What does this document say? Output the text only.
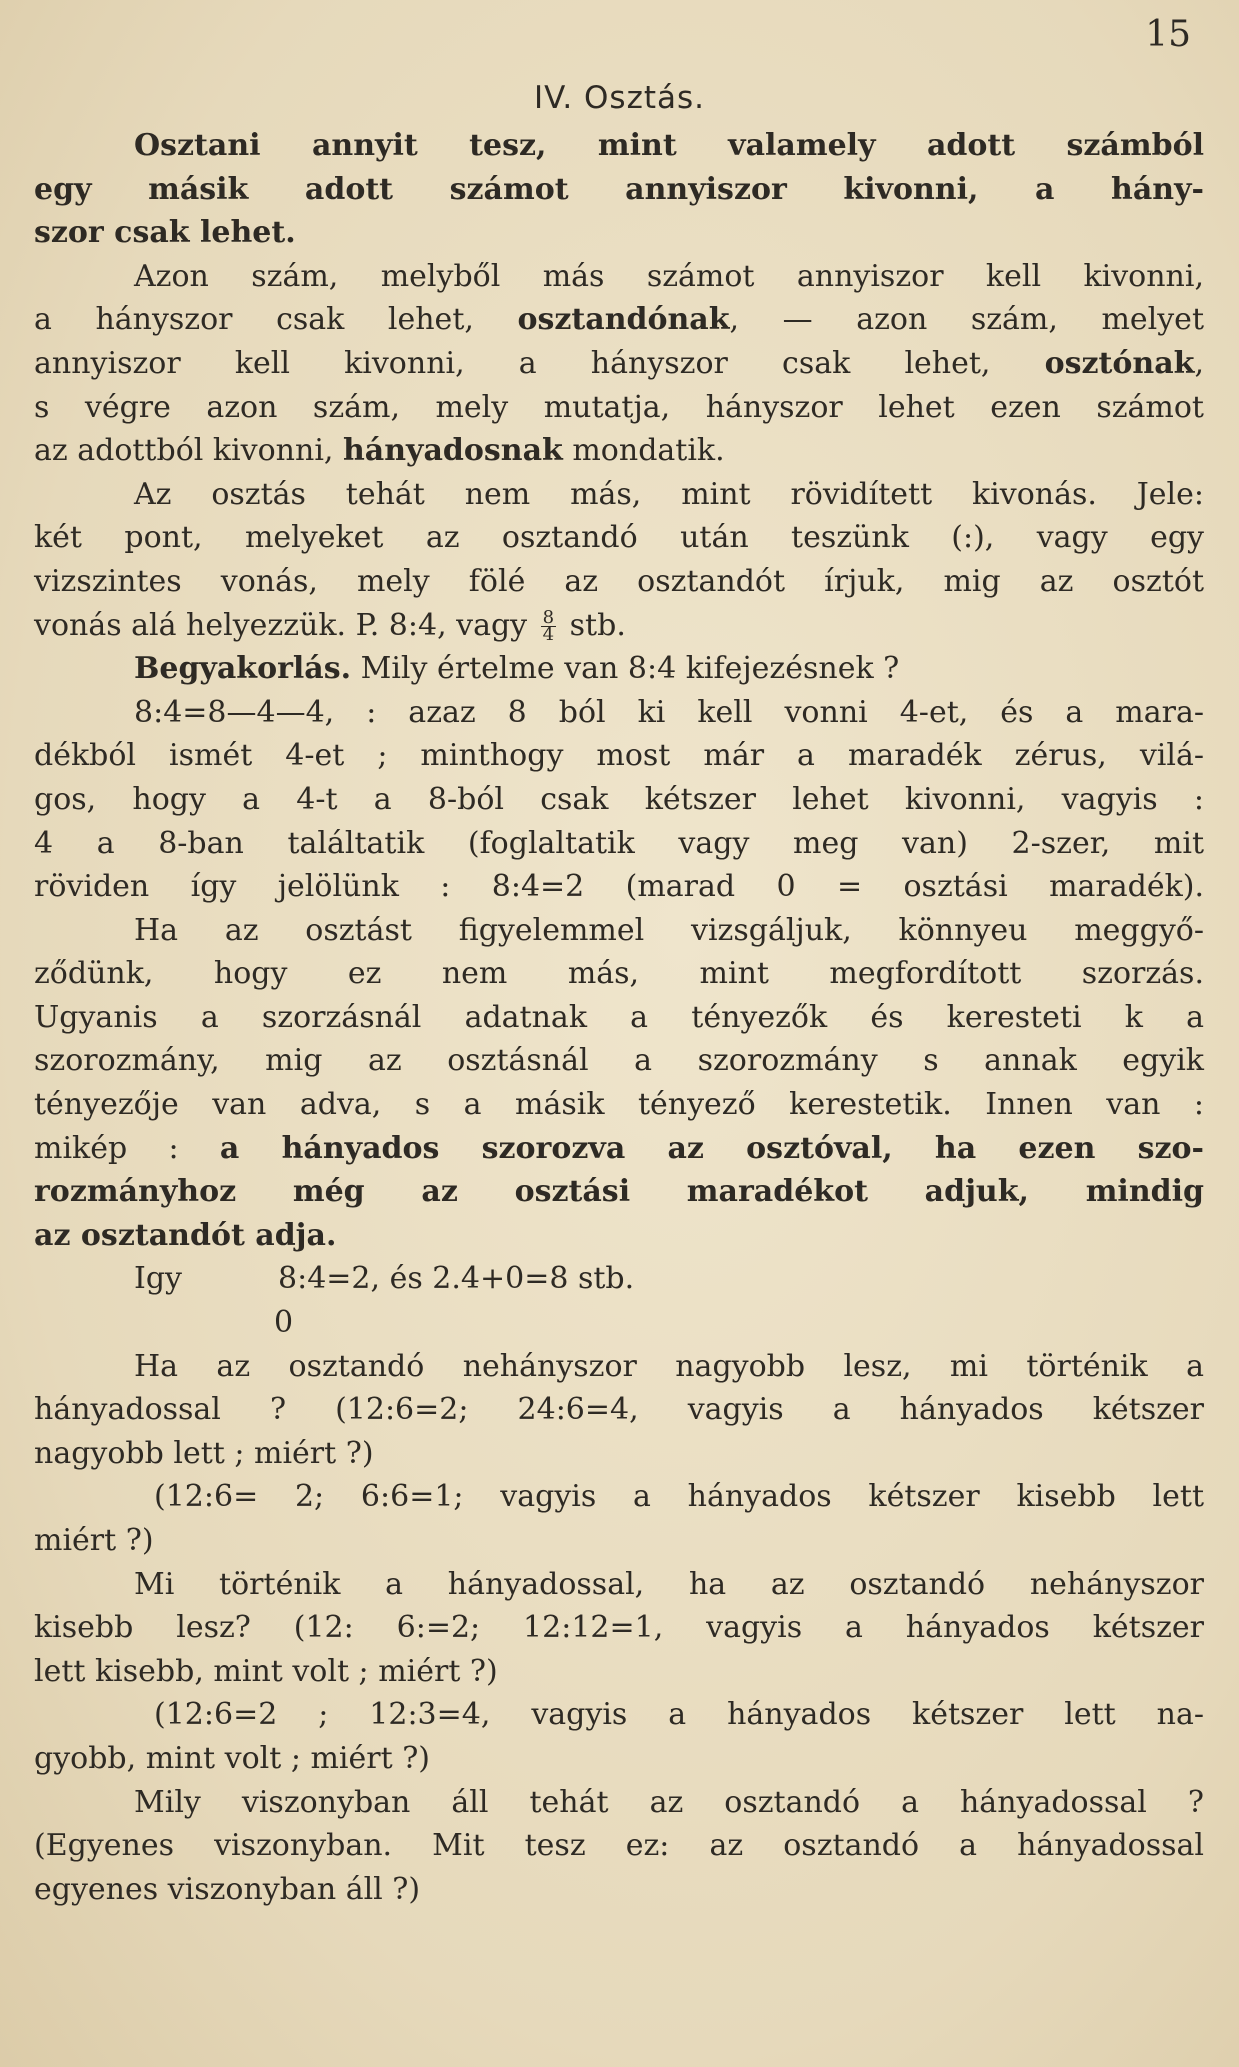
15
IV. Osztás.
Osztani annyit tesz, mint valamely adott számból
egy másik adott számot annyiszor kivonni, a hány-
szor csak lehet.
Azon szám, melyből más számot annyiszor kell kivonni,
a hányszor csak lehet, osztandónak, — azon szám, melyet
annyiszor kell kivonni, a hányszor csak lehet, osztónak,
s végre azon szám, mely mutatja, hányszor lehet ezen számot
az adottból kivonni, hányadosnak mondatik.
Az osztás tehát nem más, mint rövidített kivonás. Jele:
két pont, melyeket az osztandó után teszünk (:), vagy egy
vizszintes vonás, mely fölé az osztandót írjuk, mig az osztót
vonás alá helyezzük. P. 8:4, vagy $\frac{8}{4}$ stb.
Begyakorlás. Mily értelme van 8:4 kifejezésnek ?
8:4=8—4—4, : azaz 8 ból ki kell vonni 4-et, és a mara-
dékból ismét 4-et ; minthogy most már a maradék zérus, vilá-
gos, hogy a 4-t a 8-ból csak kétszer lehet kivonni, vagyis :
4 a 8-ban találtatik (foglaltatik vagy meg van) 2-szer, mit
röviden így jelölünk : 8:4=2 (marad 0 = osztási maradék).
Ha az osztást figyelemmel vizsgáljuk, könnyeu meggyő-
ződünk, hogy ez nem más, mint megfordított szorzás.
Ugyanis a szorzásnál adatnak a tényezők és keresteti k a
szorozmány, mig az osztásnál a szorozmány s annak egyik
tényezője van adva, s a másik tényező kerestetik. Innen van :
mikép : a hányados szorozva az osztóval, ha ezen szo-
rozmányhoz még az osztási maradékot adjuk, mindig
az osztandót adja.
Igy	8:4=2, és 2.4+0=8 stb.
0
Ha az osztandó nehányszor nagyobb lesz, mi történik a
hányadossal ? (12:6=2; 24:6=4, vagyis a hányados kétszer
nagyobb lett ; miért ?)
(12:6= 2; 6:6=1; vagyis a hányados kétszer kisebb lett
miért ?)
Mi történik a hányadossal, ha az osztandó nehányszor
kisebb lesz? (12: 6:=2; 12:12=1, vagyis a hányados kétszer
lett kisebb, mint volt ; miért ?)
(12:6=2 ; 12:3=4, vagyis a hányados kétszer lett na-
gyobb, mint volt ; miért ?)
Mily viszonyban áll tehát az osztandó a hányadossal ?
(Egyenes viszonyban. Mit tesz ez: az osztandó a hányadossal
egyenes viszonyban áll ?)
